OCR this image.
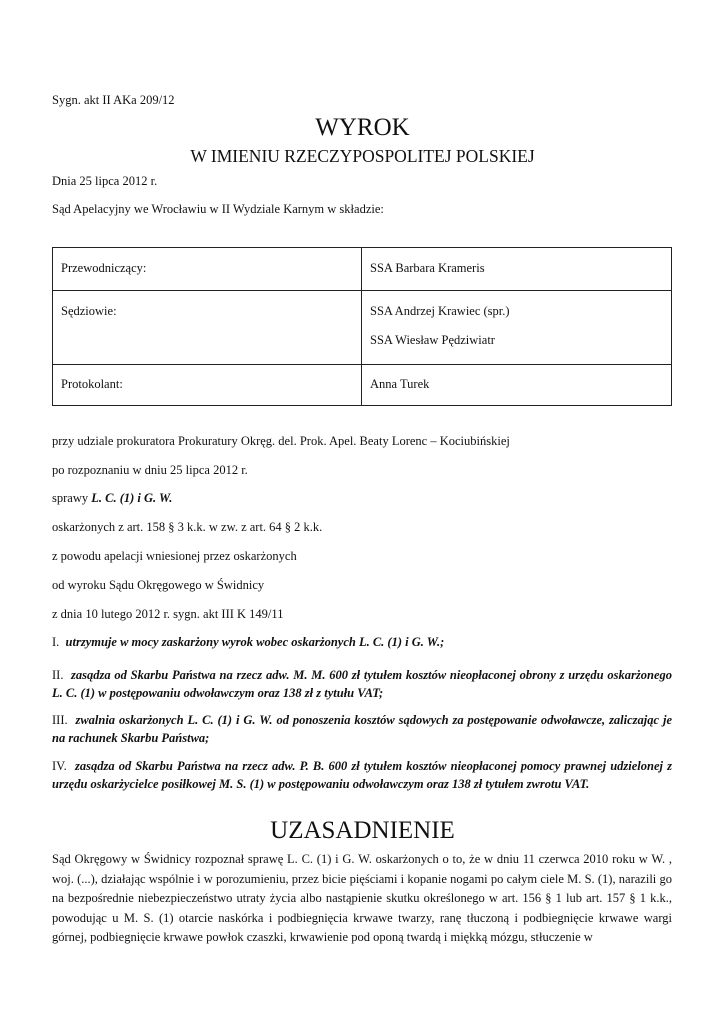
Sygn. akt II AKa 209/12
WYROK
W IMIENIU RZECZYPOSPOLITEJ POLSKIEJ
Dnia 25 lipca 2012 r.
Sąd Apelacyjny we Wrocławiu w II Wydziale Karnym w składzie:
Przewodniczący:	SSA Barbara Krameris

Sędziowie:	SSA Andrzej Krawiec (spr.)
SSA Wiesław Pędziwiatr

Protokolant:	Anna Turek
przy udziale prokuratora Prokuratury Okręg. del. Prok. Apel. Beaty Lorenc – Kociubińskiej
po rozpoznaniu w dniu 25 lipca 2012 r.
sprawy L. C. (1) i G. W.
oskarżonych z art. 158 § 3 k.k. w zw. z art. 64 § 2 k.k.
z powodu apelacji wniesionej przez oskarżonych
od wyroku Sądu Okręgowego w Świdnicy
z dnia 10 lutego 2012 r. sygn. akt III K 149/11
I. utrzymuje w mocy zaskarżony wyrok wobec oskarżonych L. C. (1) i G. W.;
II. zasądza od Skarbu Państwa na rzecz adw. M. M. 600 zł tytułem kosztów nieopłaconej obrony z urzędu oskarżonego L. C. (1) w postępowaniu odwoławczym oraz 138 zł z tytułu VAT;
III. zwalnia oskarżonych L. C. (1) i G. W. od ponoszenia kosztów sądowych za postępowanie odwoławcze, zaliczając je na rachunek Skarbu Państwa;
IV. zasądza od Skarbu Państwa na rzecz adw. P. B. 600 zł tytułem kosztów nieopłaconej pomocy prawnej udzielonej z urzędu oskarżycielce posiłkowej M. S. (1) w postępowaniu odwoławczym oraz 138 zł tytułem zwrotu VAT.
UZASADNIENIE
Sąd Okręgowy w Świdnicy rozpoznał sprawę L. C. (1) i G. W. oskarżonych o to, że w dniu 11 czerwca 2010 roku w W. , woj. (...), działając wspólnie i w porozumieniu, przez bicie pięściami i kopanie nogami po całym ciele M. S. (1), narazili go na bezpośrednie niebezpieczeństwo utraty życia albo nastąpienie skutku określonego w art. 156 § 1 lub art. 157 § 1 k.k., powodując u M. S. (1) otarcie naskórka i podbiegnięcia krwawe twarzy, ranę tłuczoną i podbiegnięcie krwawe wargi górnej, podbiegnięcie krwawe powłok czaszki, krwawienie pod oponą twardą i miękką mózgu, stłuczenie w
